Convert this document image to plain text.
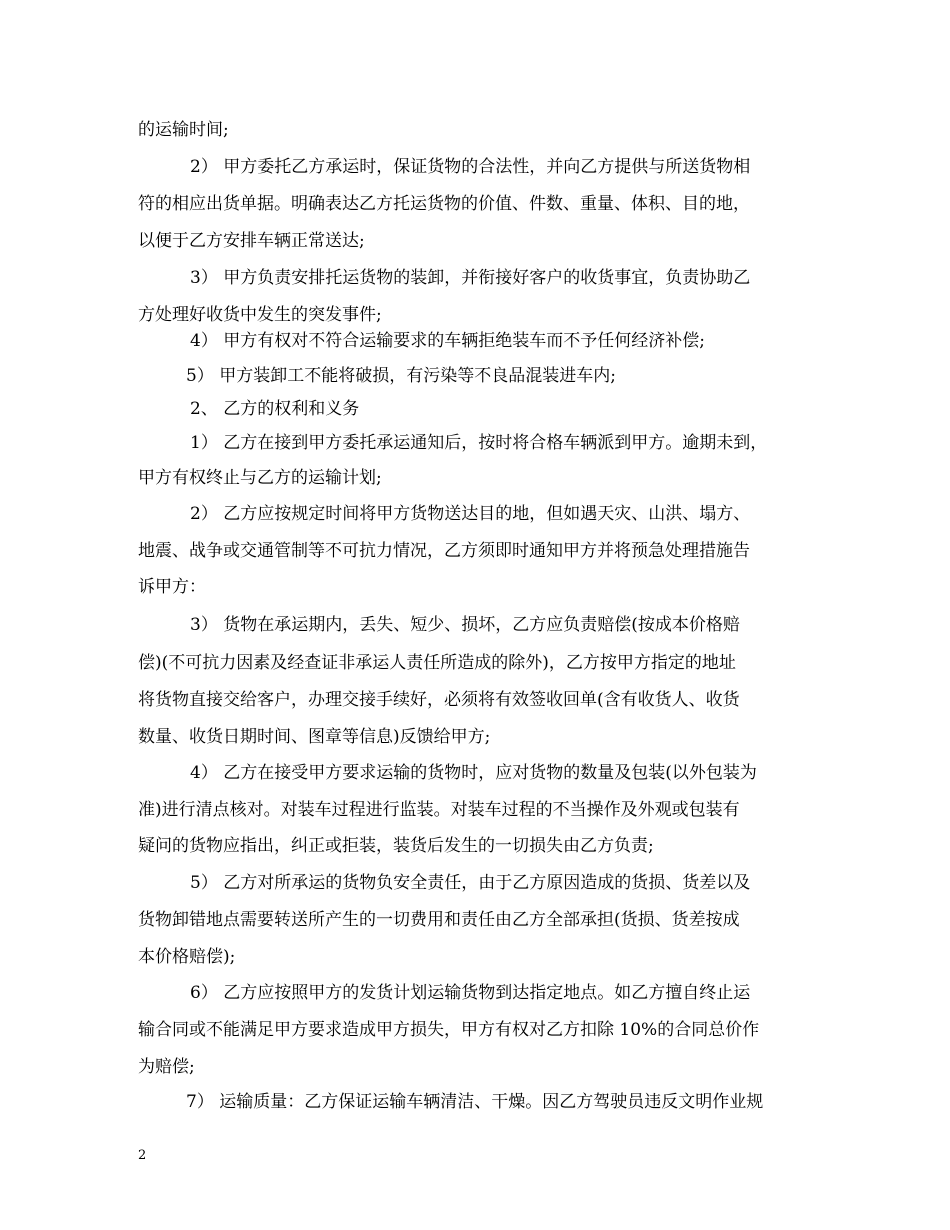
的运输时间;
2） 甲方委托乙方承运时，保证货物的合法性，并向乙方提供与所送货物相
符的相应出货单据。明确表达乙方托运货物的价值、件数、重量、体积、目的地，
以便于乙方安排车辆正常送达;
3） 甲方负责安排托运货物的装卸，并衔接好客户的收货事宜，负责协助乙
方处理好收货中发生的突发事件;
4） 甲方有权对不符合运输要求的车辆拒绝装车而不予任何经济补偿;
5） 甲方装卸工不能将破损，有污染等不良品混装进车内;
2、 乙方的权利和义务
1） 乙方在接到甲方委托承运通知后，按时将合格车辆派到甲方。逾期未到，
甲方有权终止与乙方的运输计划;
2） 乙方应按规定时间将甲方货物送达目的地，但如遇天灾、山洪、塌方、
地震、战争或交通管制等不可抗力情况，乙方须即时通知甲方并将预急处理措施告
诉甲方：
3） 货物在承运期内，丢失、短少、损坏，乙方应负责赔偿(按成本价格赔
偿)(不可抗力因素及经查证非承运人责任所造成的除外)，乙方按甲方指定的地址
将货物直接交给客户，办理交接手续好，必须将有效签收回单(含有收货人、收货
数量、收货日期时间、图章等信息)反馈给甲方;
4） 乙方在接受甲方要求运输的货物时，应对货物的数量及包装(以外包装为
准)进行清点核对。对装车过程进行监装。对装车过程的不当操作及外观或包装有
疑问的货物应指出，纠正或拒装，装货后发生的一切损失由乙方负责;
5） 乙方对所承运的货物负安全责任，由于乙方原因造成的货损、货差以及
货物卸错地点需要转送所产生的一切费用和责任由乙方全部承担(货损、货差按成
本价格赔偿);
6） 乙方应按照甲方的发货计划运输货物到达指定地点。如乙方擅自终止运
输合同或不能满足甲方要求造成甲方损失，甲方有权对乙方扣除 10%的合同总价作
为赔偿;
7） 运输质量：乙方保证运输车辆清洁、干燥。因乙方驾驶员违反文明作业规
2
